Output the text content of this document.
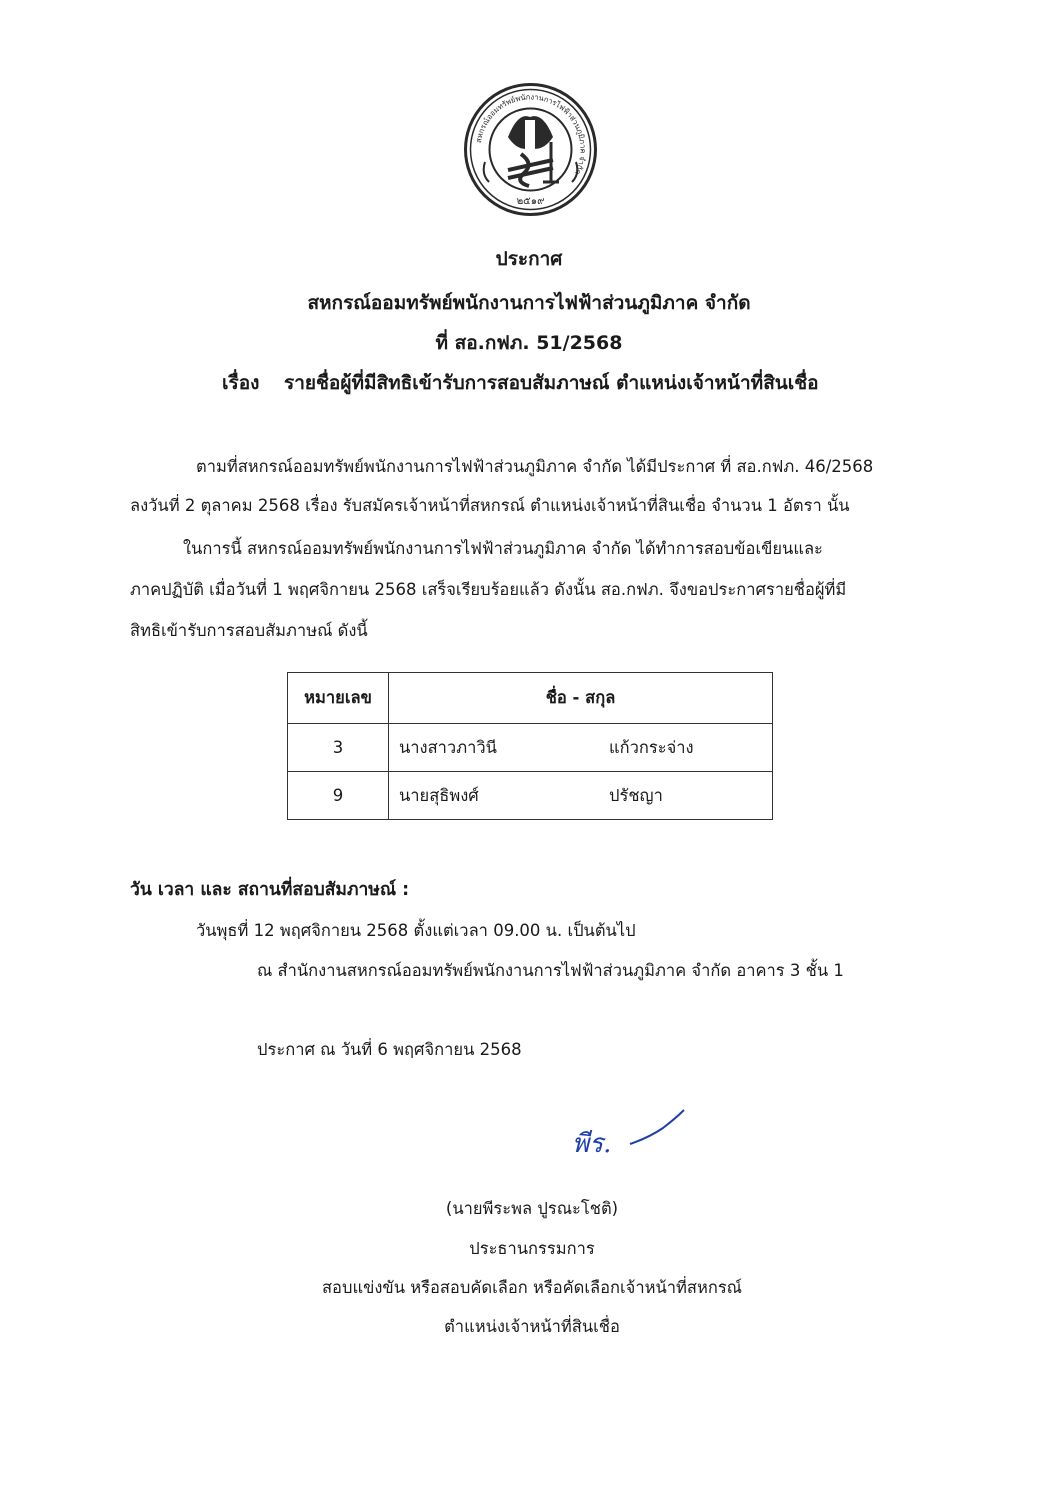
สหกรณ์ออมทรัพย์พนักงานการไฟฟ้าส่วนภูมิภาค จำกัด
๒๕๑๙
ประกาศ
สหกรณ์ออมทรัพย์พนักงานการไฟฟ้าส่วนภูมิภาค จำกัด
ที่ สอ.กฟภ. 51/2568
เรื่อง รายชื่อผู้ที่มีสิทธิเข้ารับการสอบสัมภาษณ์ ตำแหน่งเจ้าหน้าที่สินเชื่อ
ตามที่สหกรณ์ออมทรัพย์พนักงานการไฟฟ้าส่วนภูมิภาค จำกัด ได้มีประกาศ ที่ สอ.กฟภ. 46/2568
ลงวันที่ 2 ตุลาคม 2568 เรื่อง รับสมัครเจ้าหน้าที่สหกรณ์ ตำแหน่งเจ้าหน้าที่สินเชื่อ จำนวน 1 อัตรา นั้น
ในการนี้ สหกรณ์ออมทรัพย์พนักงานการไฟฟ้าส่วนภูมิภาค จำกัด ได้ทำการสอบข้อเขียนและ
ภาคปฏิบัติ เมื่อวันที่ 1 พฤศจิกายน 2568 เสร็จเรียบร้อยแล้ว ดังนั้น สอ.กฟภ. จึงขอประกาศรายชื่อผู้ที่มี
สิทธิเข้ารับการสอบสัมภาษณ์ ดังนี้
หมายเลข	ชื่อ - สกุล
3	นางสาวภาวินี แก้วกระจ่าง
9	นายสุธิพงศ์ ปรัชญา
วัน เวลา และ สถานที่สอบสัมภาษณ์ :
วันพุธที่ 12 พฤศจิกายน 2568 ตั้งแต่เวลา 09.00 น. เป็นต้นไป
ณ สำนักงานสหกรณ์ออมทรัพย์พนักงานการไฟฟ้าส่วนภูมิภาค จำกัด อาคาร 3 ชั้น 1
ประกาศ ณ วันที่ 6 พฤศจิกายน 2568
พีร.
(นายพีระพล ปูรณะโชติ)
ประธานกรรมการ
สอบแข่งขัน หรือสอบคัดเลือก หรือคัดเลือกเจ้าหน้าที่สหกรณ์
ตำแหน่งเจ้าหน้าที่สินเชื่อ
